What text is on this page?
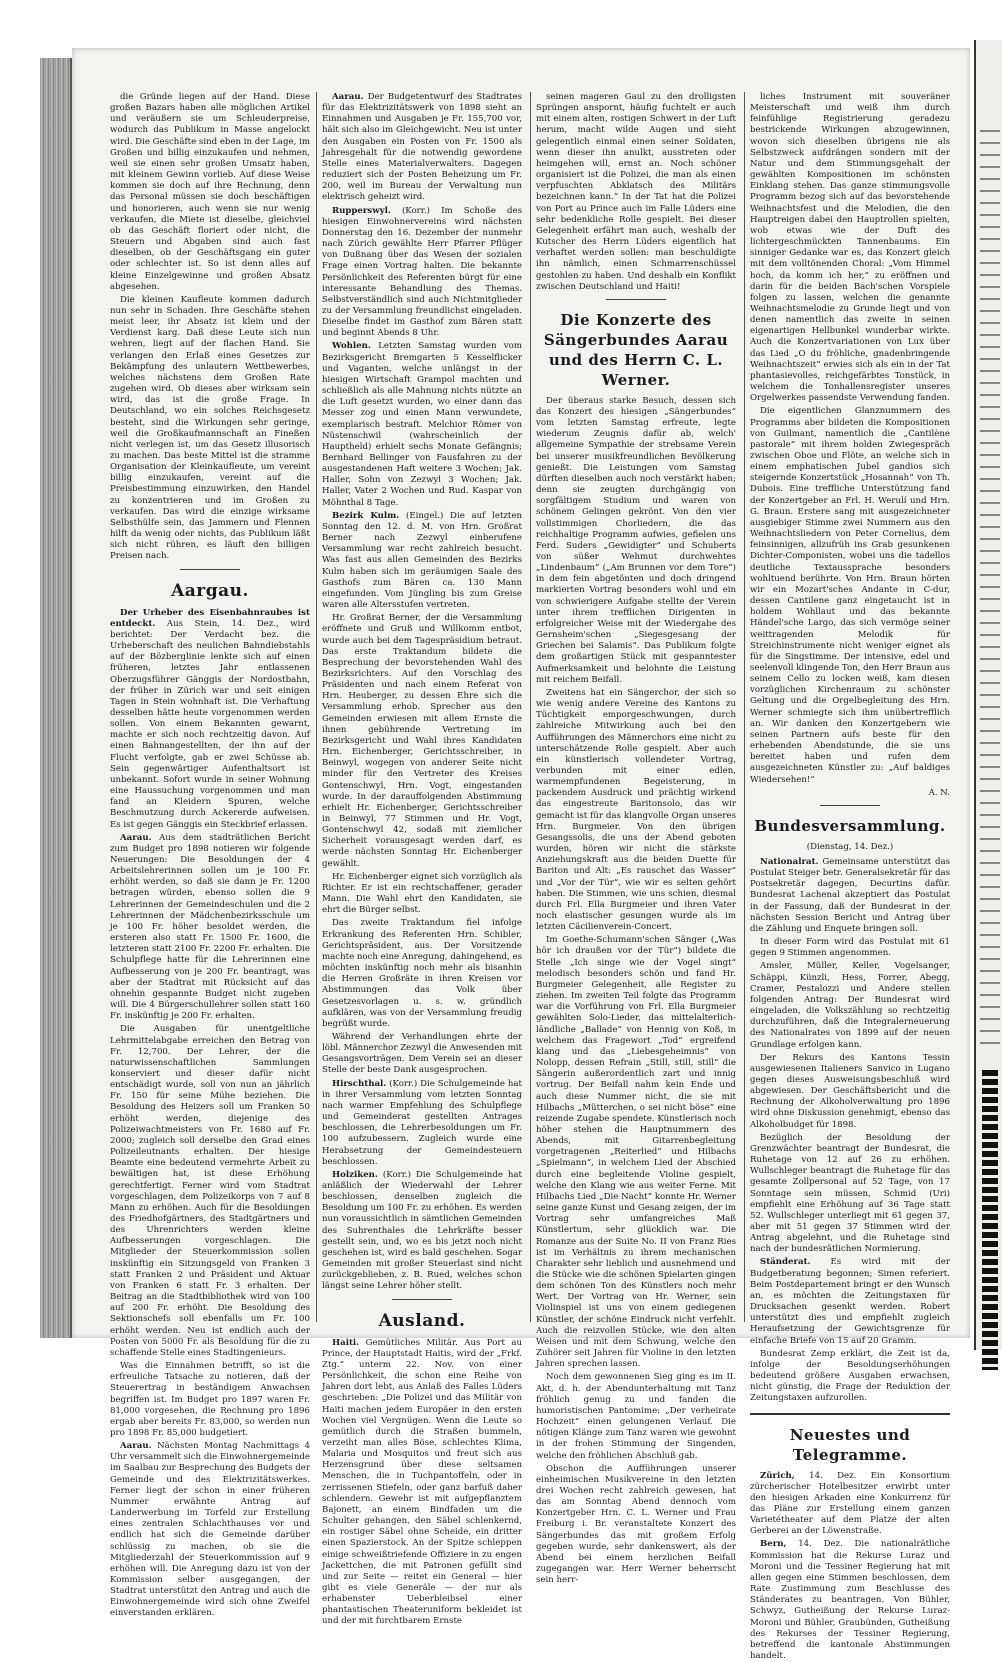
die Gründe liegen auf der Hand. Diese großen Bazars haben alle möglichen Artikel und veräußern sie um Schleuderpreise, wodurch das Publikum in Masse angelockt wird. Die Geschäfte sind eben in der Lage, im Großen und billig einzukaufen und nehmen, weil sie einen sehr großen Umsatz haben, mit kleinem Gewinn vorlieb. Auf diese Weise kommen sie doch auf ihre Rechnung, denn das Personal müssen sie doch beschäftigen und honorieren, auch wenn sie nur wenig verkaufen, die Miete ist dieselbe, gleichviel ob das Geschäft floriert oder nicht, die Steuern und Abgaben sind auch fast dieselben, ob der Geschäftsgang ein guter oder schlechter ist. So ist denn alles auf kleine Einzelgewinne und großen Absatz abgesehen.

Die kleinen Kaufleute kommen dadurch nun sehr in Schaden. Ihre Geschäfte stehen meist leer, ihr Absatz ist klein und der Verdienst karg. Daß diese Leute sich nun wehren, liegt auf der flachen Hand. Sie verlangen den Erlaß eines Gesetzes zur Bekämpfung des unlautern Wettbewerbes, welches nächstens dem Großen Rate zugehen wird. Ob dieses aber wirksam sein wird, das ist die große Frage. In Deutschland, wo ein solches Reichsgesetz besteht, sind die Wirkungen sehr geringe, weil die Großkaufmannschaft an Fineßen nicht verlegen ist, um das Gesetz illusorisch zu machen. Das beste Mittel ist die stramme Organisation der Kleinkaufleute, um vereint billig einzukaufen, vereint auf die Preisbestimmung einzuwirken, den Handel zu konzentrieren und im Großen zu verkaufen. Das wird die einzige wirksame Selbsthülfe sein, das Jammern und Flennen hilft da wenig oder nichts, das Publikum läßt sich nicht rühren, es läuft den billigen Preisen nach.

Aargau.

Der Urheber des Eisenbahnraubes ist entdeckt. Aus Stein, 14. Dez., wird berichtet: Der Verdacht bez. die Urheberschaft des neulichen Bahndiebstahls auf der Bözberglinie lenkte sich auf einen früheren, letztes Jahr entlassenen Oberzugsführer Gänggis der Nordostbahn, der früher in Zürich war und seit einigen Tagen in Stein wohnhaft ist. Die Verhaftung desselben hätte heute vorgenommen werden sollen. Von einem Bekannten gewarnt, machte er sich noch rechtzeitig davon. Auf einen Bahnangestellten, der ihn auf der Flucht verfolgte, gab er zwei Schüsse ab. Sein gegenwärtiger Aufenthaltsort ist unbekannt. Sofort wurde in seiner Wohnung eine Haussuchung vorgenommen und man fand an Kleidern Spuren, welche Beschmutzung durch Ackererde aufweisen. Es ist gegen Gänggis ein Steckbrief erlassen.

Aarau. Aus dem stadträtlichen Bericht zum Budget pro 1898 notieren wir folgende Neuerungen: Die Besoldungen der 4 Arbeitslehrerinnen sollen um je 100 Fr. erhöht werden, so daß sie dann je Fr. 1200 betragen würden, ebenso sollen die 9 Lehrerinnen der Gemeindeschulen und die 2 Lehrerinnen der Mädchenbezirksschule um je 100 Fr. höher besoldet werden, die ersteren also statt Fr. 1500 Fr. 1600, die letzteren statt 2100 Fr. 2200 Fr. erhalten. Die Schulpflege hatte für die Lehrerinnen eine Aufbesserung von je 200 Fr. beantragt, was aber der Stadtrat mit Rücksicht auf das ohnehin gespannte Budget nicht zugeben will. Die 4 Bürgerschullehrer sollen statt 160 Fr. inskünftig je 200 Fr. erhalten.

Die Ausgaben für unentgeltliche Lehrmittelabgabe erreichen den Betrag von Fr. 12,700. Der Lehrer, der die naturwissenschaftlichen Sammlungen konserviert und dieser dafür nicht entschädigt wurde, soll von nun an jährlich Fr. 150 für seine Mühe beziehen. Die Besoldung des Heizers soll um Franken 50 erhöht werden, diejenige des Polizeiwachtmeisters von Fr. 1680 auf Fr. 2000; zugleich soll derselbe den Grad eines Polizeileutnants erhalten. Der hiesige Beamte eine bedeutend vermehrte Arbeit zu bewältigen hat, ist diese Erhöhung gerechtfertigt. Ferner wird vom Stadtrat vorgeschlagen, dem Polizeikorps von 7 auf 8 Mann zu erhöhen. Auch für die Besoldungen des Friedhofgärtners, des Stadtgärtners und des Uhrenrichters werden kleine Aufbesserungen vorgeschlagen. Die Mitglieder der Steuerkommission sollen inskünftig ein Sitzungsgeld von Franken 3 statt Franken 2 und Präsident und Aktuar von Franken 6 statt Fr. 3 erhalten. Der Beitrag an die Stadtbibliothek wird von 100 auf 200 Fr. erhöht. Die Besoldung des Sektionschefs soll ebenfalls um Fr. 100 erhöht werden. Neu ist endlich auch der Posten von 5000 Fr. als Besoldung für die zu schaffende Stelle eines Stadtingenieurs.

Was die Einnahmen betrifft, so ist die erfreuliche Tatsache zu notieren, daß der Steuerertrag in beständigem Anwachsen begriffen ist. Im Budget pro 1897 waren Fr. 81,000 vorgesehen, die Rechnung pro 1896 ergab aber bereits Fr. 83,000, so werden nun pro 1898 Fr. 85,000 budgetiert.

Aarau. Nächsten Montag Nachmittags 4 Uhr versammelt sich die Einwohnergemeinde im Saalbau zur Besprechung des Budgets der Gemeinde und des Elektrizitätswerkes. Ferner liegt der schon in einer früheren Nummer erwähnte Antrag auf Landerwerbung im Torfeld zur Erstellung eines zentralen Schlachthauses vor und endlich hat sich die Gemeinde darüber schlüssig zu machen, ob sie die Mitgliederzahl der Steuerkommission auf 9 erhöhen will. Die Anregung dazu ist von der Kommission selber ausgegangen, der Stadtrat unterstützt den Antrag und auch die Einwohnergemeinde wird sich ohne Zweifel einverstanden erklären.

Aarau. Der Budgetentwurf des Stadtrates für das Elektrizitätswerk von 1898 sieht an Einnahmen und Ausgaben je Fr. 155,700 vor, hält sich also im Gleichgewicht. Neu ist unter den Ausgaben ein Posten von Fr. 1500 als Jahresgehalt für die notwendig gewordene Stelle eines Materialverwalters. Dagegen reduziert sich der Posten Beheizung um Fr. 200, weil im Bureau der Verwaltung nun elektrisch geheizt wird.

Rupperswyl. (Korr.) Im Schoße des hiesigen Einwohnervereins wird nächsten Donnerstag den 16. Dezember der nunmehr nach Zürich gewählte Herr Pfarrer Pflüger von Dußnang über das Wesen der sozialen Frage einen Vortrag halten. Die bekannte Persönlichkeit des Referenten bürgt für eine interessante Behandlung des Themas. Selbstverständlich sind auch Nichtmitglieder zu der Versammlung freundlichst eingeladen. Dieselbe findet im Gasthof zum Bären statt und beginnt Abends 8 Uhr.

Wohlen. Letzten Samstag wurden vom Bezirksgericht Bremgarten 5 Kesselflicker und Vaganten, welche unlängst in der hiesigen Wirtschaft Grampol machten und schließlich als alle Mahnung nichts nützte an die Luft gesetzt wurden, wo einer dann das Messer zog und einen Mann verwundete, exemplarisch bestraft. Melchior Römer von Nüstenschwil (wahrscheinlich der Hauptheld) erhielt sechs Monate Gefängnis; Bernhard Bellinger von Fausfahren zu der ausgestandenen Haft weitere 3 Wochen; Jak. Haller, Sohn von Zezwyl 3 Wochen; Jak. Haller, Vater 2 Wochen und Rud. Kaspar von Möhnthal 8 Tage.

Bezirk Kulm. (Eingel.) Die auf letzten Sonntag den 12. d. M. von Hrn. Großrat Berner nach Zezwyl einberufene Versammlung war recht zahlreich besucht. Was fast aus allen Gemeinden des Bezirks Kulm haben sich im geräumigen Saale des Gasthofs zum Bären ca. 130 Mann eingefunden. Vom Jüngling bis zum Greise waren alle Altersstufen vertreten.

Hr. Großrat Berner, der die Versammlung eröffnete und Gruß und Willkomm entbot, wurde auch bei dem Tagespräsidium betraut. Das erste Traktandum bildete die Besprechung der bevorstehenden Wahl des Bezirksrichters. Auf den Vorschlag des Präsidenten und nach einem Referat von Hrn. Heuberger, zu dessen Ehre sich die Versammlung erhob. Sprecher aus den Gemeinden erwiesen mit allem Ernste die ihnen gebührende Vertretung im Bezirksgericht und Wahl ihres Kandidaten Hrn. Eichenberger, Gerichtsschreiber, in Beinwyl, wogegen von anderer Seite nicht minder für den Vertreter des Kreises Gontenschwyl, Hrn. Vogt, eingestanden wurde. In der darauffolgenden Abstimmung erhielt Hr. Eichenberger, Gerichtsschreiber in Beinwyl, 77 Stimmen und Hr. Vogt, Gontenschwyl 42, sodaß mit ziemlicher Sicherheit vorausgesagt werden darf, es werde nächsten Sonntag Hr. Eichenberger gewählt.

Hr. Eichenberger eignet sich vorzüglich als Richter. Er ist ein rechtschaffener, gerader Mann. Die Wahl ehrt den Kandidaten, sie ehrt die Bürger selbst.

Das zweite Traktandum fiel infolge Erkrankung des Referenten Hrn. Schibler, Gerichtspräsident, aus. Der Vorsitzende machte noch eine Anregung, dahingehend, es möchten inskünftig noch mehr als bisanhin die Herren Großräte in ihren Kreisen vor Abstimmungen das Volk über Gesetzesvorlagen u. s. w. gründlich aufklären, was von der Versammlung freudig begrüßt wurde.

Während der Verhandlungen ehrte der löbl. Männerchor Zezwyl die Anwesenden mit Gesangsvorträgen. Dem Verein sei an dieser Stelle der beste Dank ausgesprochen.

Hirschthal. (Korr.) Die Schulgemeinde hat in ihrer Versammlung vom letzten Sonntag nach warmer Empfehlung des Schulpflege und Gemeinderat gestellten Antrages beschlossen, die Lehrerbesoldungen um Fr. 100 aufzubessern. Zugleich wurde eine Herabsetzung der Gemeindesteuern beschlossen.

Holziken. (Korr.) Die Schulgemeinde hat anläßlich der Wiederwahl der Lehrer beschlossen, denselben zugleich die Besoldung um 100 Fr. zu erhöhen. Es werden nun voraussichtlich in sämtlichen Gemeinden des Suhrenthales die Lehrkräfte besser gestellt sein, und, wo es bis jetzt noch nicht geschehen ist, wird es bald geschehen. Sogar Gemeinden mit großer Steuerlast sind nicht zurückgeblieben, z. B. Rued, welches schon längst seine Lehrer höher stellt.

Ausland.

Haiti. Gemütliches Militär. Aus Port au Prince, der Hauptstadt Haitis, wird der „Frkf. Ztg.“ unterm 22. Nov. von einer Persönlichkeit, die schon eine Reihe von Jahren dort lebt, aus Anlaß des Falles Lüders geschrieben: „Die Polizei und das Militär von Haiti machen jedem Europäer in den ersten Wochen viel Vergnügen. Wenn die Leute so gemütlich durch die Straßen bummeln, verzeiht man alles Böse, schlechtes Klima, Malaria und Mosquitos und freut sich aus Herzensgrund über diese seltsamen Menschen, die in Tuchpantoffeln, oder in zerrissenen Stiefeln, oder ganz barfuß daher schlendern. Gewehr ist mit aufgepflanztem Bajonett, an einem Bindfaden um die Schulter gehangen, den Säbel schlenkernd, ein rostiger Säbel ohne Scheide, ein dritter einen Spazierstock. An der Spitze schleppen einige schweißtriefende Offiziere in zu engen Jackettchen, die mit Patronen gefüllt sind und zur Seite — reitet ein General — hier gibt es viele Generäle — der nur als erhabenster Ueberbleibsel einer phantastischen Theateruniform bekleidet ist und der mit furchtbarem Ernste

seinen mageren Gaul zu den drolligsten Sprüngen anspornt, häufig fuchtelt er auch mit einem alten, rostigen Schwert in der Luft herum, macht wilde Augen und sieht gelegentlich einmal einen seiner Soldaten, wenn dieser ihn anulkt, ausstreten oder heimgehen will, ernst an. Noch schöner organisiert ist die Polizei, die man als einen verpfuschten Abklatsch des Militärs bezeichnen kann.“ In der Tat hat die Polizei von Port au Prince auch im Falle Lüders eine sehr bedenkliche Rolle gespielt. Bei dieser Gelegenheit erfährt man auch, weshalb der Kutscher des Herrn Lüders eigentlich hat verhaftet werden sollen: man beschuldigte ihn nämlich, einen Schmarrenschüssel gestohlen zu haben. Und deshalb ein Konflikt zwischen Deutschland und Haiti!

Die Konzerte des Sängerbundes Aarau und des Herrn C. L. Werner.

Der überaus starke Besuch, dessen sich das Konzert des hiesigen „Sängerbundes“ vom letzten Samstag erfreute, legte wiederum Zeugnis dafür ab, welch' allgemeine Sympathie der strebsame Verein bei unserer musikfreundlichen Bevölkerung genießt. Die Leistungen vom Samstag dürften dieselben auch noch verstärkt haben; denn sie zeugten durchgängig von sorgfältigem Studium und waren von schönem Gelingen gekrönt. Von den vier vollstimmigen Chorliedern, die das reichhaltige Programm aufwies, gefielen uns Ferd. Suders „Gewidigter“ und Schuberts von süßer Wehmut durchwehtes „Lindenbaum“ („Am Brunnen vor dem Tore“) in dem fein abgetönten und doch dringend markierten Vortrag besonders wohl und ein von schwierigere Aufgabe stellte der Verein unter ihrem trefflichen Dirigenten in erfolgreicher Weise mit der Wiedergabe des Gernsheim'schen „Siegesgesang der Griechen bei Salamis“. Das Publikum folgte dem großartigen Stück mit gespanntester Aufmerksamkeit und belohnte die Leistung mit reichem Beifall.

Zweitens hat ein Sängerchor, der sich so wie wenig andere Vereine des Kantons zu Tüchtigkeit emporgeschwungen, durch zahlreiche Mitwirkung auch bei den Aufführungen des Männerchors eine nicht zu unterschätzende Rolle gespielt. Aber auch ein künstlerisch vollendeter Vortrag, verbunden mit einer edlen, warmempfundenen Begeisterung, in packendem Ausdruck und prächtig wirkend das eingestreute Baritonsolo, das wir gemacht ist für das klangvolle Organ unseres Hrn. Burgmeier. Von den übrigen Gesangssolis, die uns der Abend geboten wurden, hören wir nicht die stärkste Anziehungskraft aus die beiden Duette für Bariton und Alt: „Es rauschet das Wasser“ und „Vor der Tür“, wie wir es selten gehört haben. Die Stimmen, wie uns schien, diesmal durch Frl. Ella Burgmeier und ihren Vater noch elastischer gesungen wurde als im letzten Cäcilienverein-Concert.

Im Goethe-Schumann'schen Sänger („Was hör ich draußen vor der Tür“) bildete die Stelle „Ich singe wie der Vogel singt“ melodisch besonders schön und fand Hr. Burgmeier Gelegenheit, alle Register zu ziehen. Im zweiten Teil folgte das Programm war die Vorführung von Frl. Ella Burgmeier gewählten Solo-Lieder, das mittelalterlich-ländliche „Ballade“ von Hennig von Koß, in welchem das Fragewort „Tod“ ergreifend klang und das „Liebesgeheimnis“ von Nolopp, dessen Refrain „Still, still, still“ die Sängerin außerordentlich zart und innig vortrug. Der Beifall nahm kein Ende und auch diese Nummer nicht, die sie mit Hilbachs „Mütterchen, o sei nicht böse“ eine reizende Zugabe spendete. Künstlerisch noch höher stehen die Hauptnummern des Abends, mit Gitarrenbegleitung vorgetragenen „Reiterlied“ und Hilbachs „Spielmann“, in welchem Lied der Abschied durch eine begleitende Violine gespielt, welche den Klang wie aus weiter Ferne. Mit Hilbachs Lied „Die Nacht“ konnte Hr. Werner seine ganze Kunst und Gesang zeigen, der im Vortrag sehr umfangreiches Maß Künstlertum, sehr glücklich war. Die Romanze aus der Suite No. II von Franz Ries ist im Verhältnis zu ihrem mechanischen Charakter sehr lieblich und ausnehmend und die Stücke wie die schönen Spielarten gingen dem schönen Ton des Künstlers noch mehr Wert. Der Vortrag von Hr. Werner, sein Violinspiel ist uns von einem gediegenen Künstler, der schöne Eindruck nicht verfehlt. Auch die reizvollen Stücke, wie den alten Weisen und mit dem Schwung, welche den Zuhörer seit Jahren für Violine in den letzten Jahren sprechen lassen.

Noch dem gewonnenen Sieg ging es im II. Akt, d. h. der Abendunterhaltung mit Tanz fröhlich genug zu und fanden die humoristischen Pantomime: „Der verheirate Hochzeit“ einen gelungenen Verlauf. Die nötigen Klänge zum Tanz waren wie gewohnt in der frohen Stimmung der Singenden, welche den fröhlichen Abschluß gab.

Obschon die Aufführungen unserer einheimischen Musikvereine in den letzten drei Wochen recht zahlreich gewesen, hat das am Sonntag Abend dennoch vom Konzertgeber Hrn. C. L. Werner und Frau Freiburg i. Br. veranstaltete Konzert des Sängerbundes das mit großem Erfolg gegeben wurde, sehr dankenswert, als der Abend bei einem herzlichen Beifall zugegangen war. Herr Werner beherrscht sein herr-

liches Instrument mit souveräner Meisterschaft und weiß ihm durch feinfühlige Registrierung geradezu bestrickende Wirkungen abzugewinnen, wovon sich dieselben übrigens nie als Selbstzweck aufdrängen sondern mit der Natur und dem Stimmungsgehalt der gewählten Kompositionen im schönsten Einklang stehen. Das ganze stimmungsvolle Programm bezog sich auf das bevorstehende Weihnachtsfest und die Melodien, die den Hauptreigen dabei den Hauptrollen spielten, wob etwas wie der Duft des lichtergeschmückten Tannenbaums. Ein sinniger Gedanke war es, das Konzert gleich mit dem volltönenden Choral: „Vom Himmel hoch, da komm ich her,“ zu eröffnen und darin für die beiden Bach'schen Vorspiele folgen zu lassen, welchen die genannte Weihnachtsmelodie zu Grunde liegt und von denen namentlich das zweite in seinen eigenartigen Hellbunkel wunderbar wirkte. Auch die Konzertvariationen von Lux über das Lied „O du fröhliche, gnadenbringende Weihnachtszeit“ erwies sich als ein in der Tat phantasievolles, reichgefärbtes Tonstück, in welchem die Tonhallensregister unseres Orgelwerkes passendste Verwendung fanden.

Die eigentlichen Glanznummern des Programms aber bildeten die Kompositionen von Guilmant, namentlich die „Cantilène pastorale“ mit ihrem holden Zwiegespräch zwischen Oboe und Flöte, an welche sich in einem emphatischen Jubel gandios sich steigernde Konzertstück „Hosannah“ von Th. Dubois. Eine treffliche Unterstützung fand der Konzertgeber an Frl. H. Werulí und Hrn. G. Braun. Erstere sang mit ausgezeichneter ausgiebiger Stimme zwei Nummern aus den Weihnachtsliedern von Peter Cornelius, dem feinsinnigen, allzufrüh ins Grab gesunkenen Dichter-Componisten, wobei uns die tadellos deutliche Textaussprache besonders wohltuend berührte. Von Hrn. Braun hörten wir ein Mozart'sches Andante in C-dur, dessen Cantilene ganz eingetaucht ist in holdem Wohllaut und das bekannte Händel'sche Largo, das sich vermöge seiner weittragenden Melodik für Streichinstrumente nicht weniger eignet als für die Singstimme. Der intensive, edel und seelenvoll klingende Ton, den Herr Braun aus seinem Cello zu locken weiß, kam diesen vorzüglichen Kirchenraum zu schönster Geltung und die Orgelbegleitung des Hrn. Werner schmiegte sich ihm unübertrefflich an. Wir danken den Konzertgebern wie seinen Partnern aufs beste für den erhebenden Abendstunde, die sie uns bereitet haben und rufen dem ausgezeichneten Künstler zu: „Auf baldiges Wiedersehen!“

A. N.
Bundesversammlung.
(Dienstag, 14. Dez.)

Nationalrat. Gemeinsame unterstützt das Postulat Steiger betr. Generalsekretär für das Postsekretär dagegen, Decurtins dafür. Bundesrat Lachenal akzeptiert das Postulat in der Fassung, daß der Bundesrat in der nächsten Session Bericht und Antrag über die Zählung und Enquete bringen soll.

In dieser Form wird das Postulat mit 61 gegen 9 Stimmen angenommen.

Amsler, Müller, Keller, Vogelsanger, Schäppi, Künzli, Hess, Forrer, Abegg, Cramer, Pestalozzi und Andere stellen folgenden Antrag: Der Bundesrat wird eingeladen, die Volkszählung so rechtzeitig durchzuführen, daß die Integralerneuerung des Nationalrates von 1899 auf der neuen Grundlage erfolgen kann.

Der Rekurs des Kantons Tessin ausgewiesenen Italieners Sanvico in Lugano gegen dieses Ausweisungsbeschluß wird abgewiesen. Der Geschäftsbericht und die Rechnung der Alkoholverwaltung pro 1896 wird ohne Diskussion genehmigt, ebenso das Alkoholbudget für 1898.

Bezüglich der Besoldung der Grenzwächter beantragt der Bundesrat, die Ruhetage von 12 auf 26 zu erhöhen. Wullschleger beantragt die Ruhetage für das gesamte Zollpersonal auf 52 Tage, von 17 Sonntage sein müssen, Schmid (Uri) empfiehlt eine Erhöhung auf 36 Tage statt 52. Wullschleger unterliegt mit 61 gegen 37, aber mit 51 gegen 37 Stimmen wird der Antrag abgelehnt, und die Ruhetage sind nach der bundesrätlichen Normierung.

Ständerat. Es wird mit der Budgetberatung begonnen; Simen referiert. Beim Postdepartement bringt er den Wunsch an, es möchten die Zeitungstaxen für Drucksachen gesenkt werden. Robert unterstützt dies und empfiehlt zugleich Heraufsetzung der Gewichtsgrenze für einfache Briefe von 15 auf 20 Gramm.

Bundesrat Zemp erklärt, die Zeit ist da, infolge der Besoldungserhöhungen bedeutend größere Ausgaben erwachsen, nicht günstig, die Frage der Reduktion der Zeitungstaxen aufzurollen.

Neuestes und Telegramme.

Zürich, 14. Dez. Ein Konsortium zürcherischer Hotelbesitzer erwirbt unter den hiesigen Arkaden eine Konkurrenz für das Pläne zur Erstellung einem ganzen Varietétheater auf dem Platze der alten Gerberei an der Löwenstraße.

Bern, 14. Dez. Die nationalrätliche Kommission hat die Rekurse Luraz und Moroni und die Tessiner Regierung hat mit allen gegen eine Stimmen beschlossen, dem Rate Zustimmung zum Beschlusse des Ständerates zu beantragen. Von Bühler, Schwyz, Gutheißung der Rekurse Luraz-Moroni und Bühler, Graubünden, Gutheißung des Rekurses der Tessiner Regierung, betreffend die kantonale Abstimmungen handelt.
